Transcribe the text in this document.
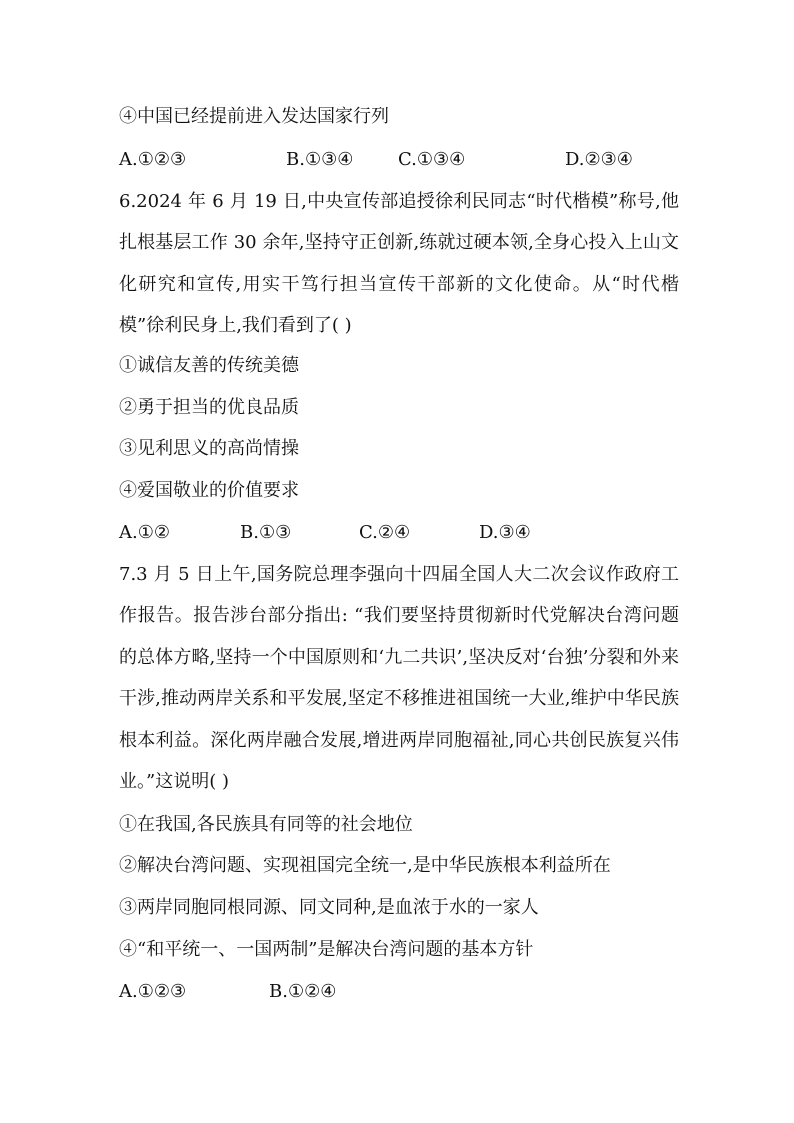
④中国已经提前进入发达国家行列
A.①②③	B.①③④ C.①③④	D.②③④
6.2024 年 6 月 19 日,中央宣传部追授徐利民同志“时代楷模”称号,他扎根基层工作 30 余年,坚持守正创新,练就过硬本领,全身心投入上山文化研究和宣传,用实干笃行担当宣传干部新的文化使命。从“时代楷模”徐利民身上,我们看到了( )
①诚信友善的传统美德
②勇于担当的优良品质
③见利思义的高尚情操
④爱国敬业的价值要求
A.①②	B.①③	C.②④	D.③④
7.3 月 5 日上午,国务院总理李强向十四届全国人大二次会议作政府工作报告。报告涉台部分指出: “我们要坚持贯彻新时代党解决台湾问题的总体方略,坚持一个中国原则和‘九二共识’,坚决反对‘台独’分裂和外来干涉,推动两岸关系和平发展,坚定不移推进祖国统一大业,维护中华民族根本利益。深化两岸融合发展,增进两岸同胞福祉,同心共创民族复兴伟业。”这说明( )
①在我国,各民族具有同等的社会地位
②解决台湾问题、实现祖国完全统一,是中华民族根本利益所在
③两岸同胞同根同源、同文同种,是血浓于水的一家人
④“和平统一、一国两制”是解决台湾问题的基本方针
A.①②③	B.①②④
